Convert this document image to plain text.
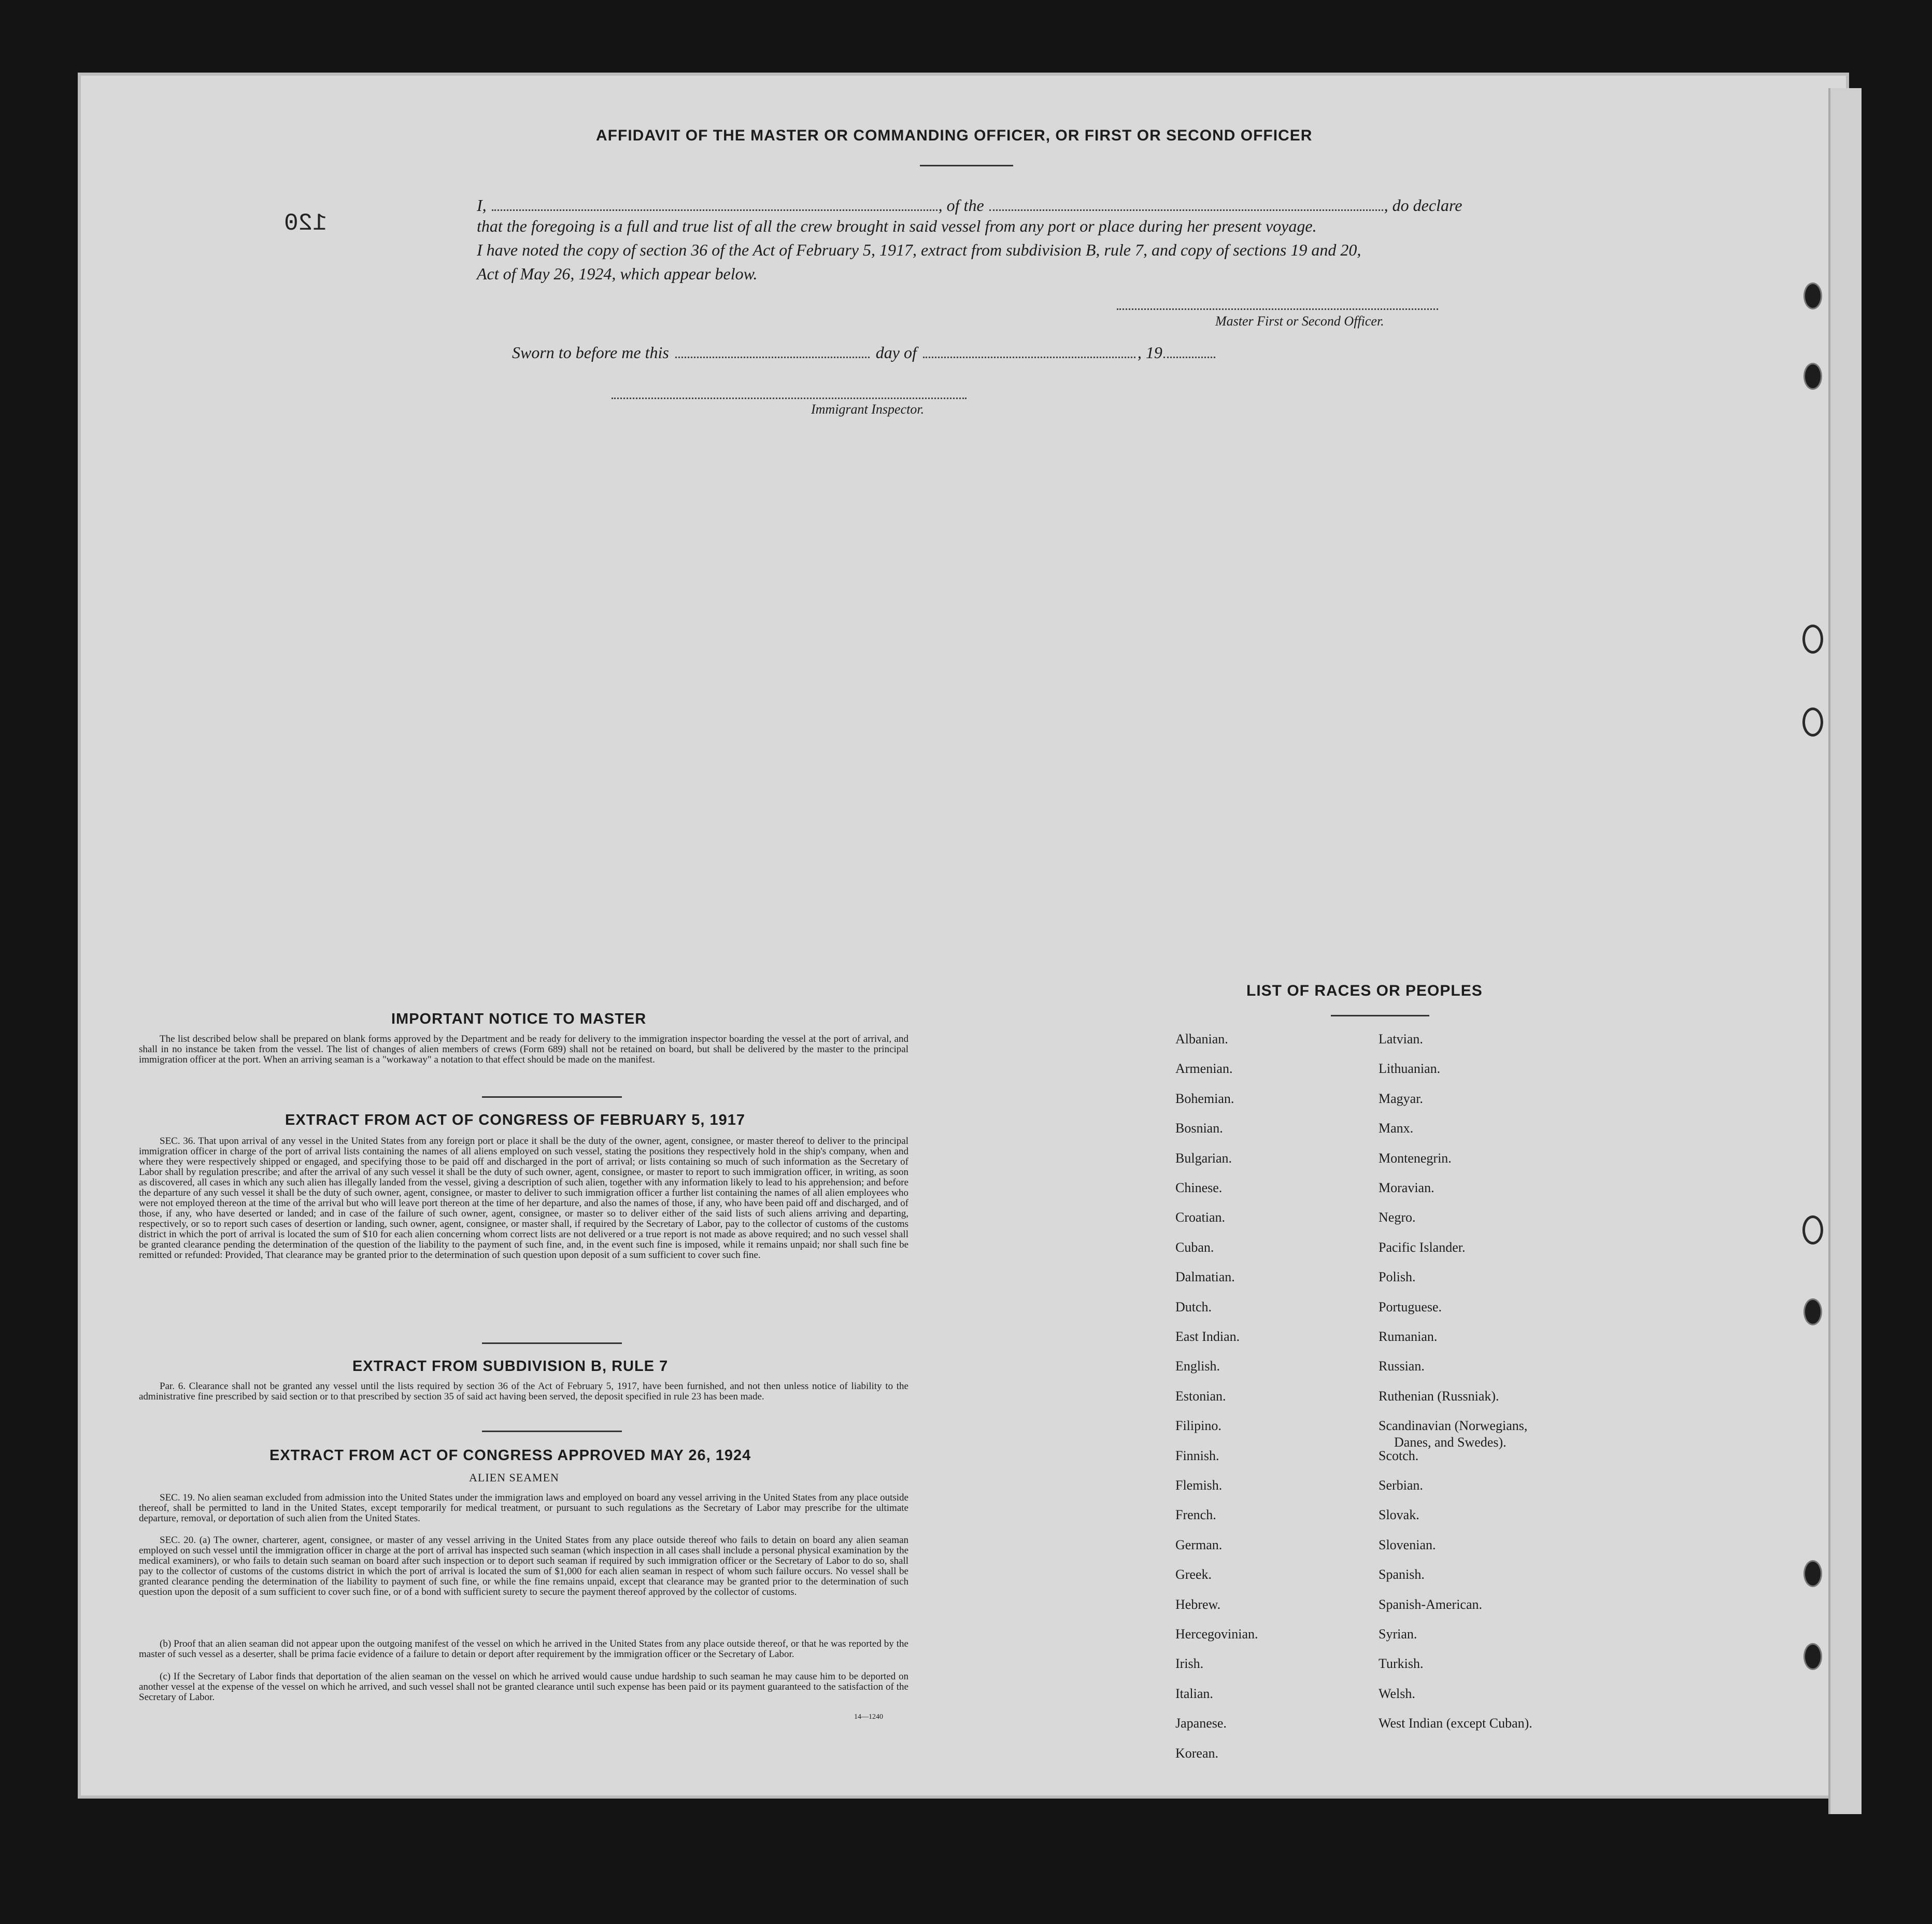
120
AFFIDAVIT OF THE MASTER OR COMMANDING OFFICER, OR FIRST OR SECOND OFFICER
I,	, of the	, do declare
that the foregoing is a full and true list of all the crew brought in said vessel from any port or place during her present voyage.
I have noted the copy of section 36 of the Act of February 5, 1917, extract from subdivision B, rule 7, and copy of sections 19 and 20,
Act of May 26, 1924, which appear below.
Master First or Second Officer.
Sworn to before me this	day of	, 19
Immigrant Inspector.
IMPORTANT NOTICE TO MASTER
The list described below shall be prepared on blank forms approved by the Department and be ready for delivery to the immigration inspector boarding the vessel at the port of arrival, and shall in no instance be taken from the vessel. The list of changes of alien members of crews (Form 689) shall not be retained on board, but shall be delivered by the master to the principal immigration officer at the port. When an arriving seaman is a "workaway" a notation to that effect should be made on the manifest.
EXTRACT FROM ACT OF CONGRESS OF FEBRUARY 5, 1917
SEC. 36. That upon arrival of any vessel in the United States from any foreign port or place it shall be the duty of the owner, agent, consignee, or master thereof to deliver to the principal immigration officer in charge of the port of arrival lists containing the names of all aliens employed on such vessel, stating the positions they respectively hold in the ship's company, when and where they were respectively shipped or engaged, and specifying those to be paid off and discharged in the port of arrival; or lists containing so much of such information as the Secretary of Labor shall by regulation prescribe; and after the arrival of any such vessel it shall be the duty of such owner, agent, consignee, or master to report to such immigration officer, in writing, as soon as discovered, all cases in which any such alien has illegally landed from the vessel, giving a description of such alien, together with any information likely to lead to his apprehension; and before the departure of any such vessel it shall be the duty of such owner, agent, consignee, or master to deliver to such immigration officer a further list containing the names of all alien employees who were not employed thereon at the time of the arrival but who will leave port thereon at the time of her departure, and also the names of those, if any, who have been paid off and discharged, and of those, if any, who have deserted or landed; and in case of the failure of such owner, agent, consignee, or master so to deliver either of the said lists of such aliens arriving and departing, respectively, or so to report such cases of desertion or landing, such owner, agent, consignee, or master shall, if required by the Secretary of Labor, pay to the collector of customs of the customs district in which the port of arrival is located the sum of $10 for each alien concerning whom correct lists are not delivered or a true report is not made as above required; and no such vessel shall be granted clearance pending the determination of the question of the liability to the payment of such fine, and, in the event such fine is imposed, while it remains unpaid; nor shall such fine be remitted or refunded: Provided, That clearance may be granted prior to the determination of such question upon deposit of a sum sufficient to cover such fine.
EXTRACT FROM SUBDIVISION B, RULE 7
Par. 6. Clearance shall not be granted any vessel until the lists required by section 36 of the Act of February 5, 1917, have been furnished, and not then unless notice of liability to the administrative fine prescribed by said section or to that prescribed by section 35 of said act having been served, the deposit specified in rule 23 has been made.
EXTRACT FROM ACT OF CONGRESS APPROVED MAY 26, 1924
ALIEN SEAMEN
SEC. 19. No alien seaman excluded from admission into the United States under the immigration laws and employed on board any vessel arriving in the United States from any place outside thereof, shall be permitted to land in the United States, except temporarily for medical treatment, or pursuant to such regulations as the Secretary of Labor may prescribe for the ultimate departure, removal, or deportation of such alien from the United States.
SEC. 20. (a) The owner, charterer, agent, consignee, or master of any vessel arriving in the United States from any place outside thereof who fails to detain on board any alien seaman employed on such vessel until the immigration officer in charge at the port of arrival has inspected such seaman (which inspection in all cases shall include a personal physical examination by the medical examiners), or who fails to detain such seaman on board after such inspection or to deport such seaman if required by such immigration officer or the Secretary of Labor to do so, shall pay to the collector of customs of the customs district in which the port of arrival is located the sum of $1,000 for each alien seaman in respect of whom such failure occurs. No vessel shall be granted clearance pending the determination of the liability to payment of such fine, or while the fine remains unpaid, except that clearance may be granted prior to the determination of such question upon the deposit of a sum sufficient to cover such fine, or of a bond with sufficient surety to secure the payment thereof approved by the collector of customs.
(b) Proof that an alien seaman did not appear upon the outgoing manifest of the vessel on which he arrived in the United States from any place outside thereof, or that he was reported by the master of such vessel as a deserter, shall be prima facie evidence of a failure to detain or deport after requirement by the immigration officer or the Secretary of Labor.
(c) If the Secretary of Labor finds that deportation of the alien seaman on the vessel on which he arrived would cause undue hardship to such seaman he may cause him to be deported on another vessel at the expense of the vessel on which he arrived, and such vessel shall not be granted clearance until such expense has been paid or its payment guaranteed to the satisfaction of the Secretary of Labor.
14—1240
LIST OF RACES OR PEOPLES
Albanian.
Armenian.
Bohemian.
Bosnian.
Bulgarian.
Chinese.
Croatian.
Cuban.
Dalmatian.
Dutch.
East Indian.
English.
Estonian.
Filipino.
Finnish.
Flemish.
French.
German.
Greek.
Hebrew.
Hercegovinian.
Irish.
Italian.
Japanese.
Korean.
Latvian.
Lithuanian.
Magyar.
Manx.
Montenegrin.
Moravian.
Negro.
Pacific Islander.
Polish.
Portuguese.
Rumanian.
Russian.
Ruthenian (Russniak).
Scandinavian (Norwegians,
Danes, and Swedes).
Scotch.
Serbian.
Slovak.
Slovenian.
Spanish.
Spanish-American.
Syrian.
Turkish.
Welsh.
West Indian (except Cuban).
